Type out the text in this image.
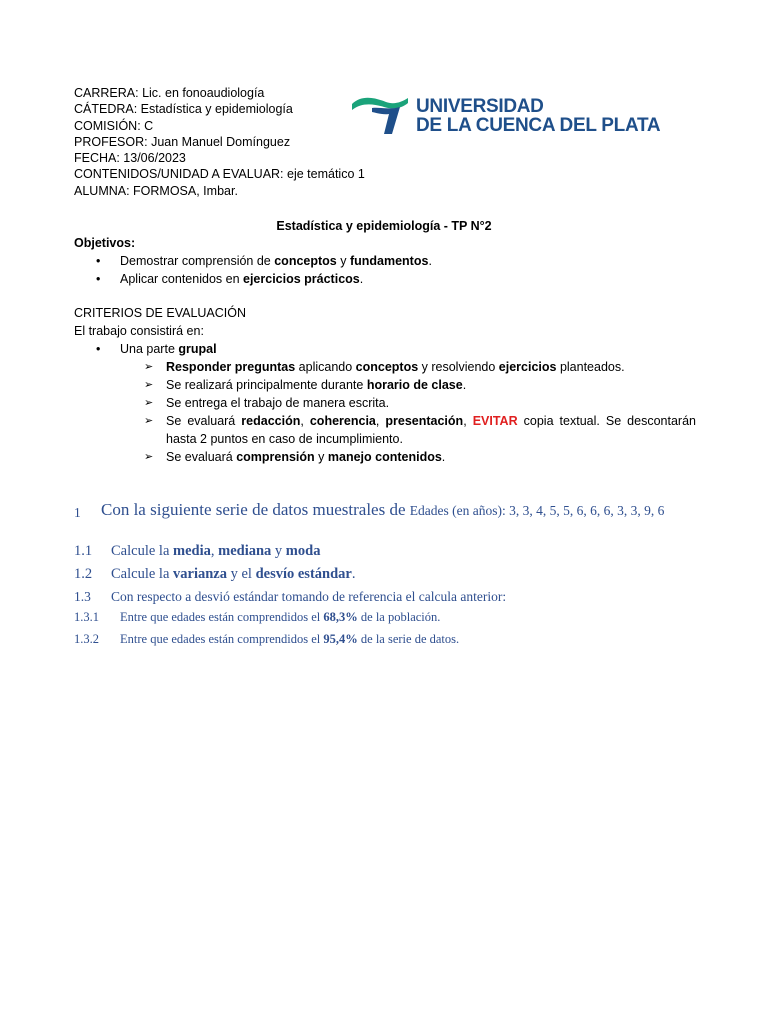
CARRERA: Lic. en fonoaudiología
CÁTEDRA: Estadística y epidemiología
COMISIÓN: C
PROFESOR: Juan Manuel Domínguez
FECHA: 13/06/2023
CONTENIDOS/UNIDAD A EVALUAR: eje temático 1
ALUMNA: FORMOSA, Imbar.
UNIVERSIDAD
DE LA CUENCA DEL PLATA
Estadística y epidemiología - TP N°2
Objetivos:
• Demostrar comprensión de conceptos y fundamentos.
• Aplicar contenidos en ejercicios prácticos.
CRITERIOS DE EVALUACIÓN
El trabajo consistirá en:
• Una parte grupal
➢ Responder preguntas aplicando conceptos y resolviendo ejercicios planteados.
➢ Se realizará principalmente durante horario de clase.
➢ Se entrega el trabajo de manera escrita.
➢ Se evaluará redacción, coherencia, presentación, EVITAR copia textual. Se descontarán hasta 2 puntos en caso de incumplimiento.
➢ Se evaluará comprensión y manejo contenidos.
1 Con la siguiente serie de datos muestrales de Edades (en años): 3, 3, 4, 5, 5, 6, 6, 6, 3, 3, 9, 6
1.1 Calcule la media, mediana y moda
1.2 Calcule la varianza y el desvío estándar.
1.3 Con respecto a desvió estándar tomando de referencia el calcula anterior:
1.3.1 Entre que edades están comprendidos el 68,3% de la población.
1.3.2 Entre que edades están comprendidos el 95,4% de la serie de datos.
